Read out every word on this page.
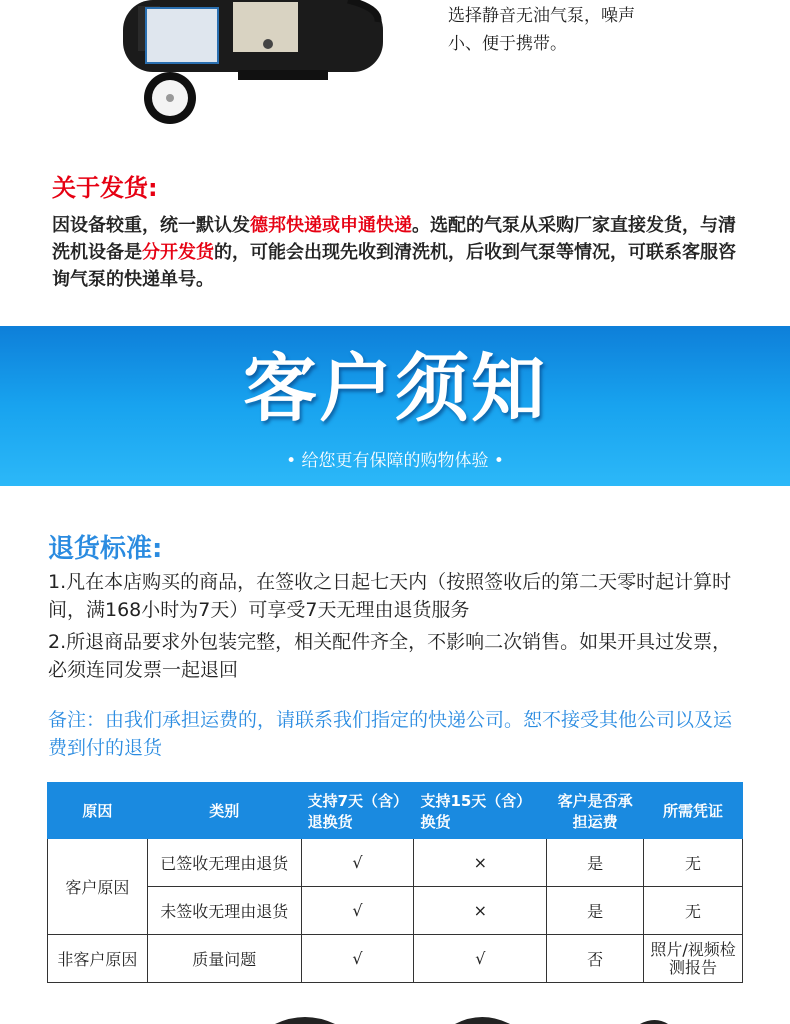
选择静音无油气泵，噪声
小、便于携带。
关于发货:
因设备较重，统一默认发德邦快递或申通快递。选配的气泵从采购厂家直接发货，与清洗机设备是分开发货的，可能会出现先收到清洗机，后收到气泵等情况，可联系客服咨询气泵的快递单号。
客户须知
• 给您更有保障的购物体验 •
退货标准:
1.凡在本店购买的商品，在签收之日起七天内（按照签收后的第二天零时起计算时间，满168小时为7天）可享受7天无理由退货服务
2.所退商品要求外包装完整，相关配件齐全，不影响二次销售。如果开具过发票，必须连同发票一起退回
备注：由我们承担运费的，请联系我们指定的快递公司。恕不接受其他公司以及运费到付的退货
原因	类别	支持7天（含）退换货	支持15天（含）换货	客户是否承担运费	所需凭证
客户原因	已签收无理由退货	√	×	是	无
	未签收无理由退货	√	×	是	无
非客户原因	质量问题	√	√	否	照片/视频检测报告
